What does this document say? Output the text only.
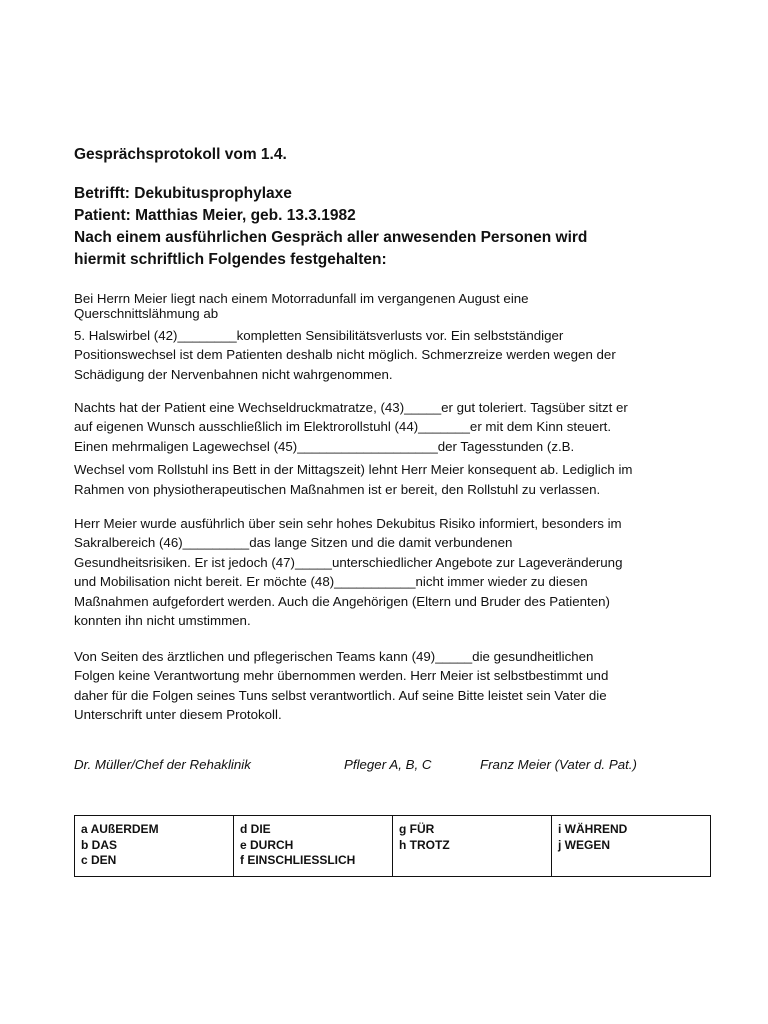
Gesprächsprotokoll vom 1.4.
Betrifft: Dekubitusprophylaxe
Patient: Matthias Meier, geb. 13.3.1982
Nach einem ausführlichen Gespräch aller anwesenden Personen wird
hiermit schriftlich Folgendes festgehalten:
Bei Herrn Meier liegt nach einem Motorradunfall im vergangenen August eine
Querschnittslähmung ab
5. Halswirbel (42)________kompletten Sensibilitätsverlusts vor. Ein selbstständiger
Positionswechsel ist dem Patienten deshalb nicht möglich. Schmerzreize werden wegen der
Schädigung der Nervenbahnen nicht wahrgenommen.
Nachts hat der Patient eine Wechseldruckmatratze, (43)_____er gut toleriert. Tagsüber sitzt er
auf eigenen Wunsch ausschließlich im Elektrorollstuhl (44)_______er mit dem Kinn steuert.
Einen mehrmaligen Lagewechsel (45)___________________der Tagesstunden (z.B.
Wechsel vom Rollstuhl ins Bett in der Mittagszeit) lehnt Herr Meier konsequent ab. Lediglich im
Rahmen von physiotherapeutischen Maßnahmen ist er bereit, den Rollstuhl zu verlassen.
Herr Meier wurde ausführlich über sein sehr hohes Dekubitus Risiko informiert, besonders im
Sakralbereich (46)_________das lange Sitzen und die damit verbundenen
Gesundheitsrisiken. Er ist jedoch (47)_____unterschiedlicher Angebote zur Lageveränderung
und Mobilisation nicht bereit. Er möchte (48)___________nicht immer wieder zu diesen
Maßnahmen aufgefordert werden. Auch die Angehörigen (Eltern und Bruder des Patienten)
konnten ihn nicht umstimmen.
Von Seiten des ärztlichen und pflegerischen Teams kann (49)_____die gesundheitlichen
Folgen keine Verantwortung mehr übernommen werden. Herr Meier ist selbstbestimmt und
daher für die Folgen seines Tuns selbst verantwortlich. Auf seine Bitte leistet sein Vater die
Unterschrift unter diesem Protokoll.
Dr. Müller/Chef der Rehaklinik	Pfleger A, B, C	Franz Meier (Vater d. Pat.)
a AUßERDEM
b DAS
c DEN

d DIE
e DURCH
f EINSCHLIESSLICH

g FÜR
h TROTZ

i WÄHREND
j WEGEN
